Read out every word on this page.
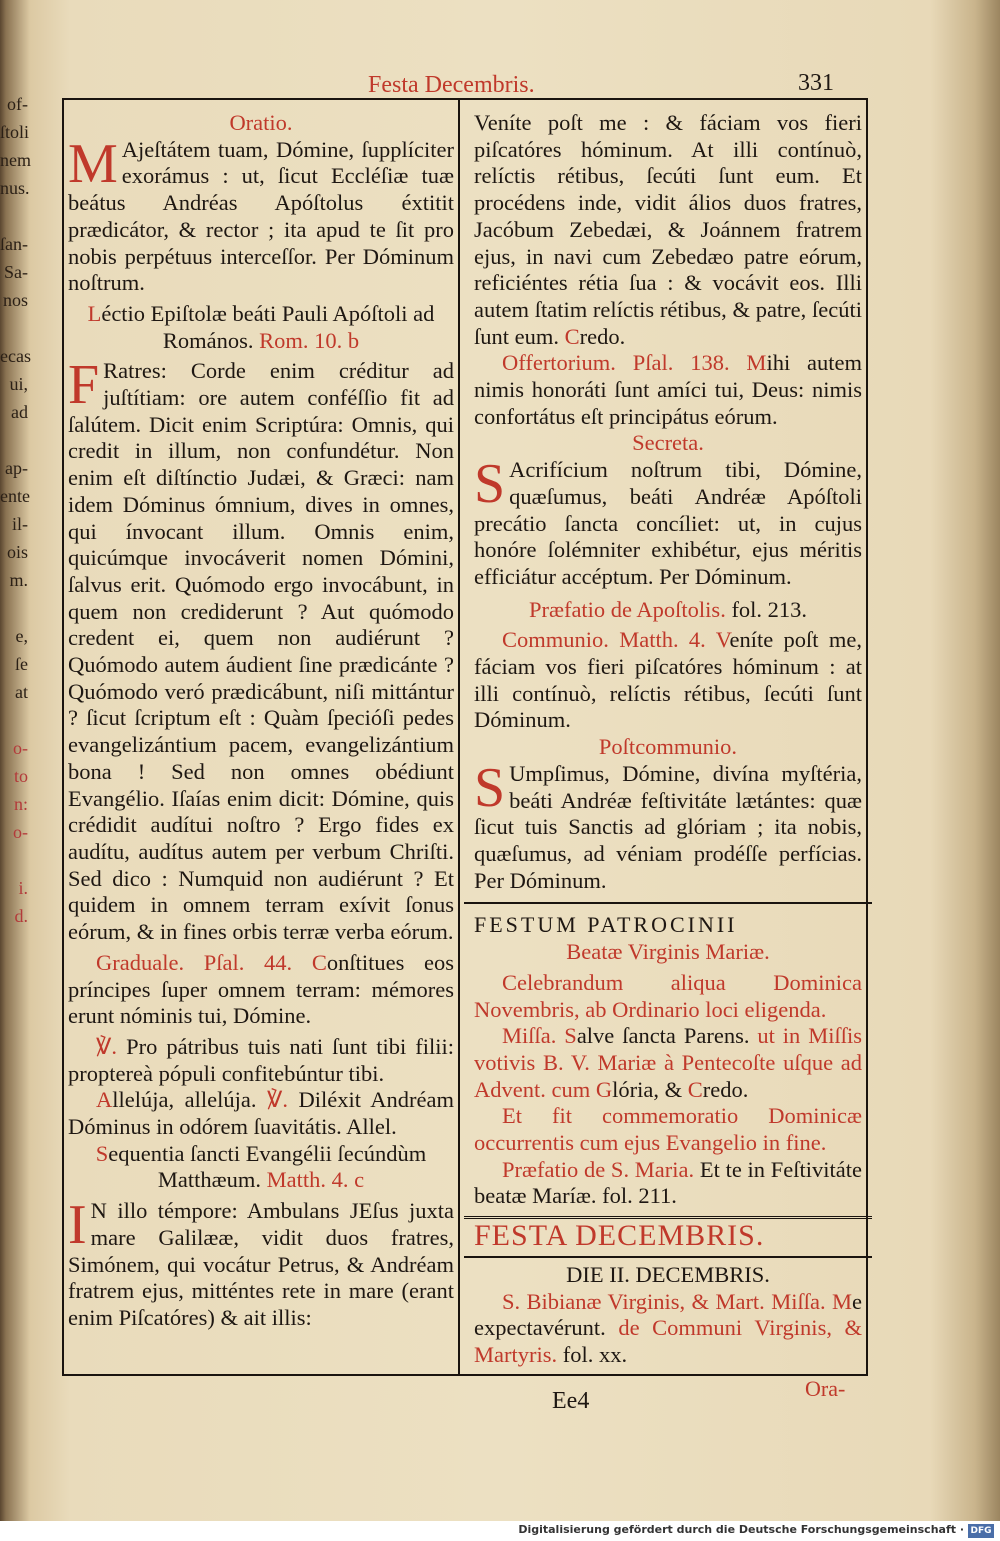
of-
ſtoli
nem
nus.

ſan-
Sa-
nos

ecas
ui,
ad

ap-
ente
il-
ois
m.

e,
ſe
at

o-
to
n:
o-

i.
d.
Festa Decembris.	331

Oratio.

M Ajeſtátem tuam, Dómine, ſupplíciter exorámus : ut, ſicut Eccléſiæ tuæ beátus Andréas Apóſtolus éxtitit prædicátor, & rector ; ita apud te ſit pro nobis perpétuus interceſſor. Per Dóminum noſtrum.

Léctio Epiſtolæ beáti Pauli Apóſtoli ad Romános. Rom. 10. b

F Ratres: Corde enim créditur ad juſtítiam: ore autem conféſſio fit ad ſalútem. Dicit enim Scriptúra: Omnis, qui credit in illum, non confundétur. Non enim eſt diſtínctio Judæi, & Græci: nam idem Dóminus ómnium, dives in omnes, qui ínvocant illum. Omnis enim, quicúmque invocáverit nomen Dómini, ſalvus erit. Quómodo ergo invocábunt, in quem non crediderunt ? Aut quómodo credent ei, quem non audiérunt ? Quómodo autem áudient ſine prædicánte ? Quómodo veró prædicábunt, niſi mittántur ? ſicut ſcriptum eſt : Quàm ſpecióſi pedes evangelizántium pacem, evangelizántium bona ! Sed non omnes obédiunt Evangélio. Iſaías enim dicit: Dómine, quis crédidit audítui noſtro ? Ergo fides ex audítu, audítus autem per verbum Chriſti. Sed dico : Numquid non audiérunt ? Et quidem in omnem terram exívit ſonus eórum, & in fines orbis terræ verba eórum.

Graduale. Pſal. 44. Conſtitues eos príncipes ſuper omnem terram: mémores erunt nóminis tui, Dómine.

℣. Pro pátribus tuis nati ſunt tibi filii: proptereà pópuli confitebúntur tibi.

Allelúja, allelúja. ℣. Diléxit Andréam Dóminus in odórem ſuavitátis. Allel.

Sequentia ſancti Evangélii ſecúndùm Matthæum. Matth. 4. c

I N illo témpore: Ambulans JEſus juxta mare Galilææ, vidit duos fratres, Simónem, qui vocátur Petrus, & Andréam fratrem ejus, mitténtes rete in mare (erant enim Piſcatóres) & ait illis:

Veníte poſt me : & fáciam vos fieri piſcatóres hóminum. At illi contínuò, relíctis rétibus, ſecúti ſunt eum. Et procédens inde, vidit álios duos fratres, Jacóbum Zebedæi, & Joánnem fratrem ejus, in navi cum Zebedæo patre eórum, reficiéntes rétia ſua : & vocávit eos. Illi autem ſtatim relíctis rétibus, & patre, ſecúti ſunt eum. Credo.

Offertorium. Pſal. 138. Mihi autem nimis honoráti ſunt amíci tui, Deus: nimis confortátus eſt principátus eórum.

Secreta.

S Acrifícium noſtrum tibi, Dómine, quæſumus, beáti Andréæ Apóſtoli precátio ſancta concíliet: ut, in cujus honóre ſolémniter exhibétur, ejus méritis efficiátur accéptum. Per Dóminum.

Præfatio de Apoſtolis. fol. 213.

Communio. Matth. 4. Veníte poſt me, fáciam vos fieri piſcatóres hóminum : at illi contínuò, relíctis rétibus, ſecúti ſunt Dóminum.

Poſtcommunio.

S Umpſimus, Dómine, divína myſtéria, beáti Andréæ feſtivitáte lætántes: quæ ſicut tuis Sanctis ad glóriam ; ita nobis, quæſumus, ad véniam prodéſſe perfícias. Per Dóminum.

FESTUM PATROCINII

Beatæ Virginis Mariæ.

Celebrandum aliqua Dominica Novembris, ab Ordinario loci eligenda.

Miſſa. Salve ſancta Parens. ut in Miſſis votivis B. V. Mariæ à Pentecoſte uſque ad Advent. cum Glória, & Credo.

Et fit commemoratio Dominicæ occurrentis cum ejus Evangelio in fine.

Præfatio de S. Maria. Et te in Feſtivitáte beatæ Maríæ. fol. 211.

FESTA DECEMBRIS.

DIE II. DECEMBRIS.

S. Bibianæ Virginis, & Mart. Miſſa. Me expectavérunt. de Communi Virginis, & Martyris. fol. xx.

Ee4	Ora-
Digitalisierung gefördert durch die Deutsche Forschungsgemeinschaft · DFG
